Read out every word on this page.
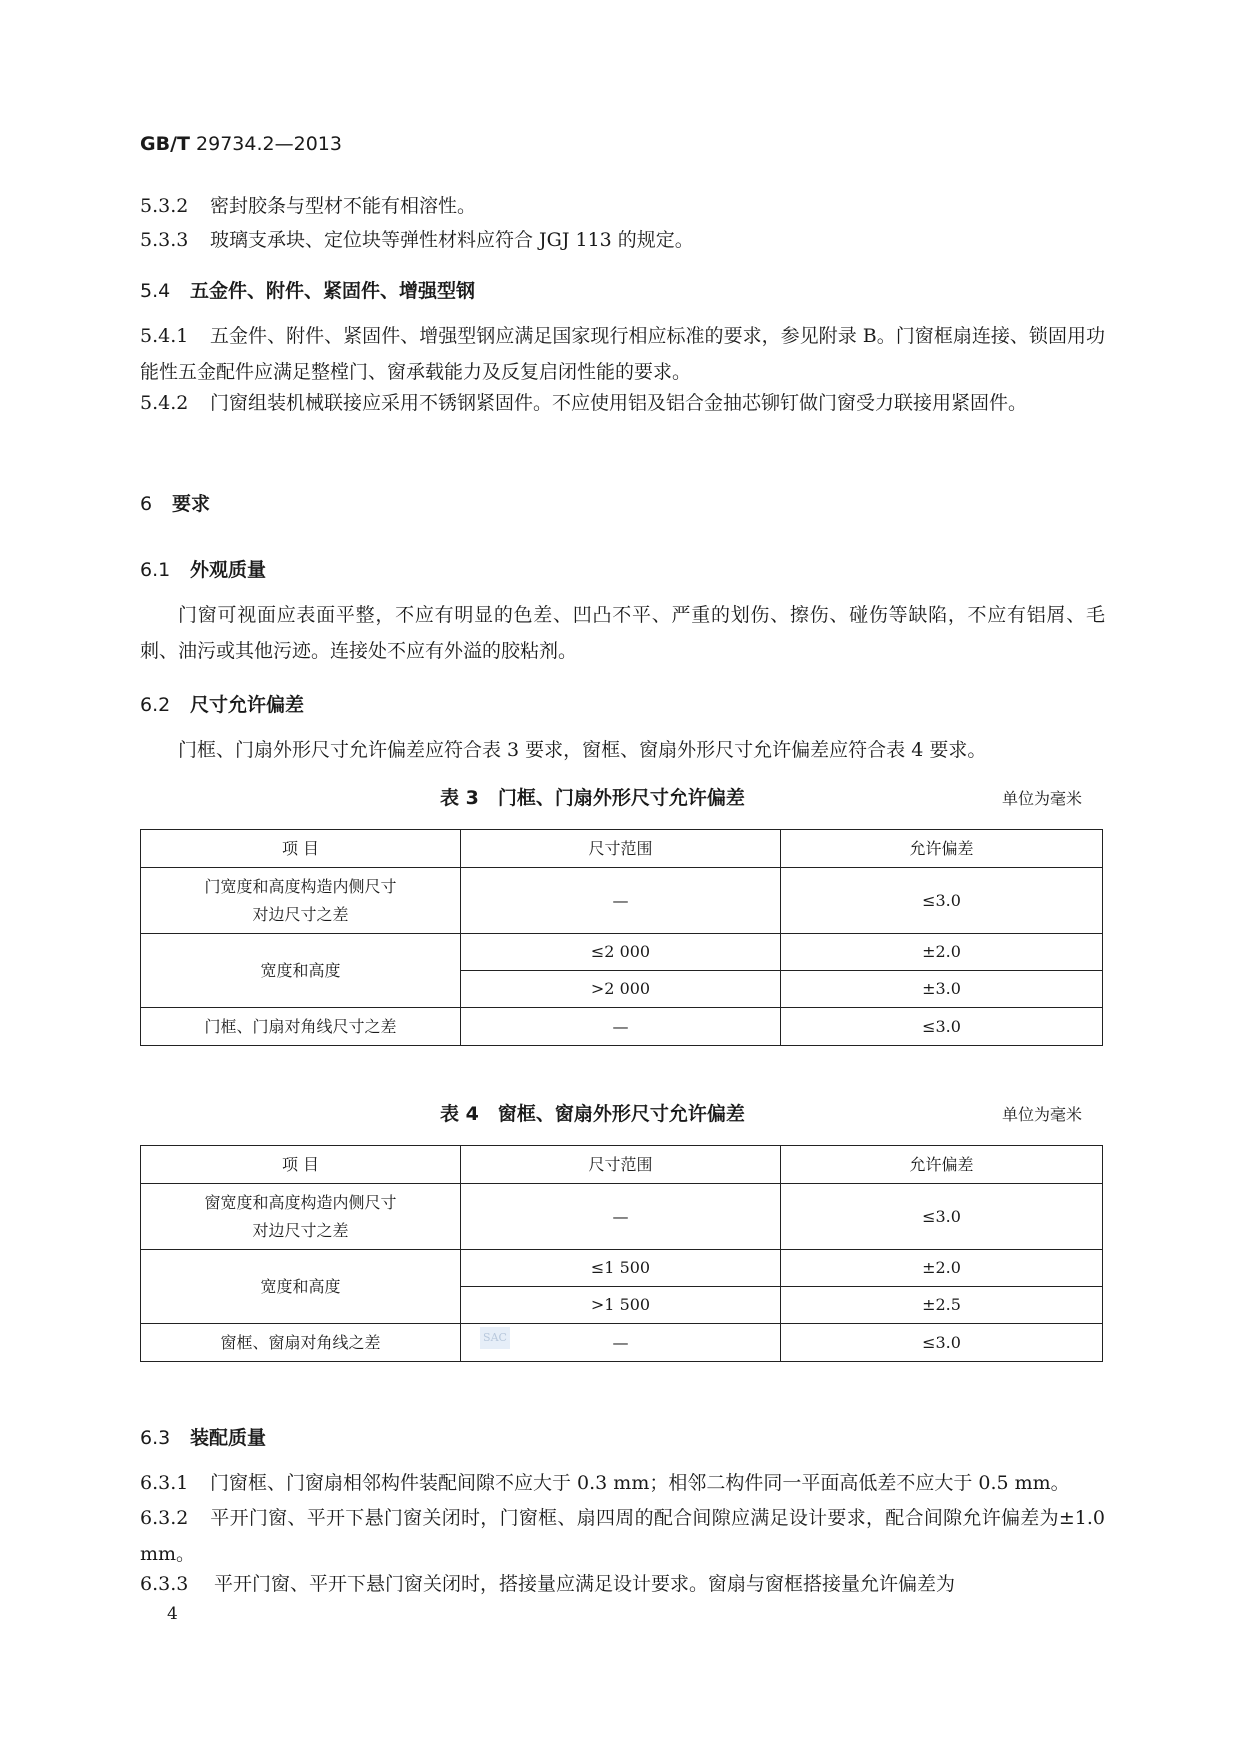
GB/T 29734.2—2013
5.3.2 密封胶条与型材不能有相溶性。
5.3.3 玻璃支承块、定位块等弹性材料应符合 JGJ 113 的规定。
5.4 五金件、附件、紧固件、增强型钢
5.4.1 五金件、附件、紧固件、增强型钢应满足国家现行相应标准的要求，参见附录 B。门窗框扇连接、锁固用功能性五金配件应满足整樘门、窗承载能力及反复启闭性能的要求。
5.4.2 门窗组装机械联接应采用不锈钢紧固件。不应使用铝及铝合金抽芯铆钉做门窗受力联接用紧固件。
6 要求
6.1 外观质量
门窗可视面应表面平整，不应有明显的色差、凹凸不平、严重的划伤、擦伤、碰伤等缺陷，不应有铝屑、毛刺、油污或其他污迹。连接处不应有外溢的胶粘剂。
6.2 尺寸允许偏差
门框、门扇外形尺寸允许偏差应符合表 3 要求，窗框、窗扇外形尺寸允许偏差应符合表 4 要求。
表 3　门框、门扇外形尺寸允许偏差	单位为毫米
项 目	尺寸范围	允许偏差

门宽度和高度构造内侧尺寸
对边尺寸之差	—	≤3.0
宽度和高度	≤2 000	±2.0
	>2 000	±3.0
门框、门扇对角线尺寸之差	—	≤3.0
表 4　窗框、窗扇外形尺寸允许偏差	单位为毫米
项 目	尺寸范围	允许偏差

窗宽度和高度构造内侧尺寸
对边尺寸之差	—	≤3.0
宽度和高度	≤1 500	±2.0
	>1 500	±2.5
窗框、窗扇对角线之差	—	≤3.0
SAC
6.3 装配质量
6.3.1 门窗框、门窗扇相邻构件装配间隙不应大于 0.3 mm；相邻二构件同一平面高低差不应大于 0.5 mm。
6.3.2 平开门窗、平开下悬门窗关闭时，门窗框、扇四周的配合间隙应满足设计要求，配合间隙允许偏差为±1.0 mm。
6.3.3 平开门窗、平开下悬门窗关闭时，搭接量应满足设计要求。窗扇与窗框搭接量允许偏差为
4
